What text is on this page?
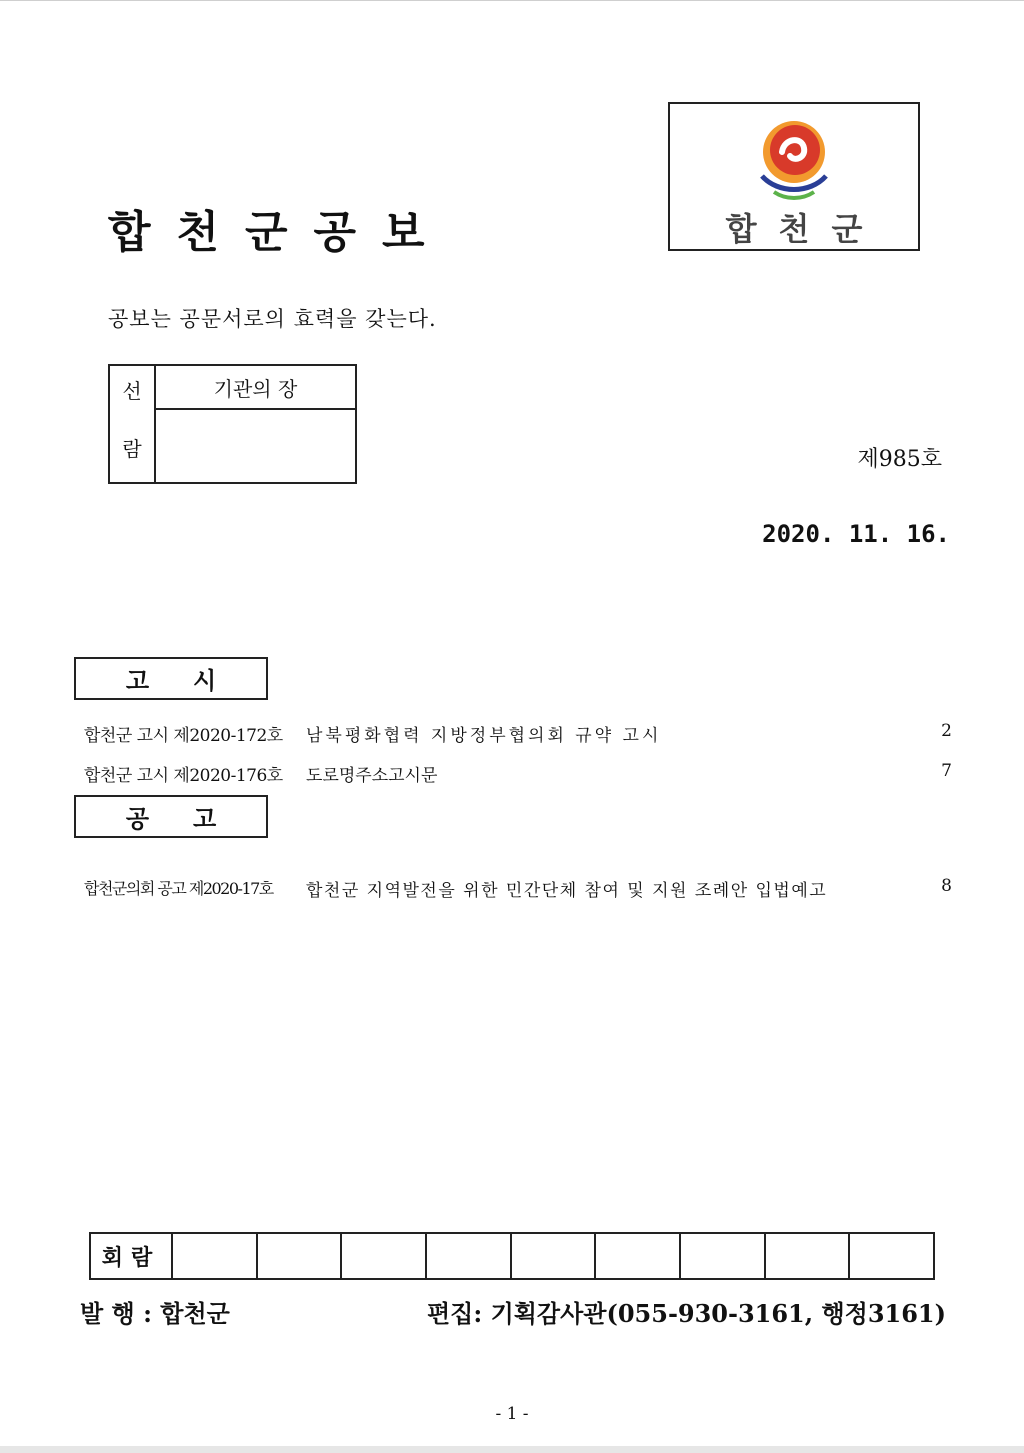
합천군공보	합천군
공보는 공문서로의 효력을 갖는다.
선
람
	기관의 장

제985호
2020. 11. 16.
고시
합천군 고시 제2020-172호 남북평화협력 지방정부협의회 규약 고시	2
합천군 고시 제2020-176호 도로명주소고시문	7
공고
합천군의회 공고 제2020-17호 합천군 지역발전을 위한 민간단체 참여 및 지원 조례안 입법예고	8
회람									
발 행 : 합천군	편집: 기획감사관(055-930-3161, 행정3161)
- 1 -
